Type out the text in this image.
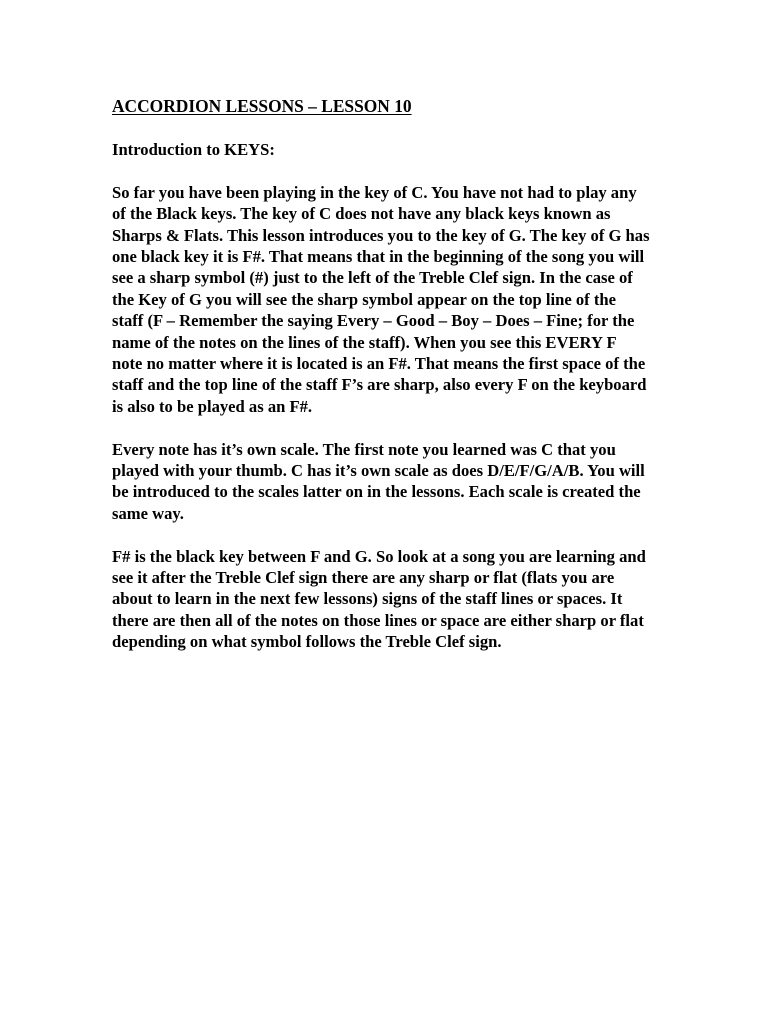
ACCORDION LESSONS – LESSON 10
Introduction to KEYS:
So far you have been playing in the key of C. You have not had to play any of the Black keys. The key of C does not have any black keys known as Sharps & Flats. This lesson introduces you to the key of G. The key of G has one black key it is F#. That means that in the beginning of the song you will see a sharp symbol (#) just to the left of the Treble Clef sign. In the case of the Key of G you will see the sharp symbol appear on the top line of the staff (F – Remember the saying Every – Good – Boy – Does – Fine; for the name of the notes on the lines of the staff). When you see this EVERY F note no matter where it is located is an F#. That means the first space of the staff and the top line of the staff F’s are sharp, also every F on the keyboard is also to be played as an F#.
Every note has it’s own scale. The first note you learned was C that you played with your thumb. C has it’s own scale as does D/E/F/G/A/B. You will be introduced to the scales latter on in the lessons. Each scale is created the same way.
F# is the black key between F and G. So look at a song you are learning and see it after the Treble Clef sign there are any sharp or flat (flats you are about to learn in the next few lessons) signs of the staff lines or spaces. It there are then all of the notes on those lines or space are either sharp or flat depending on what symbol follows the Treble Clef sign.
